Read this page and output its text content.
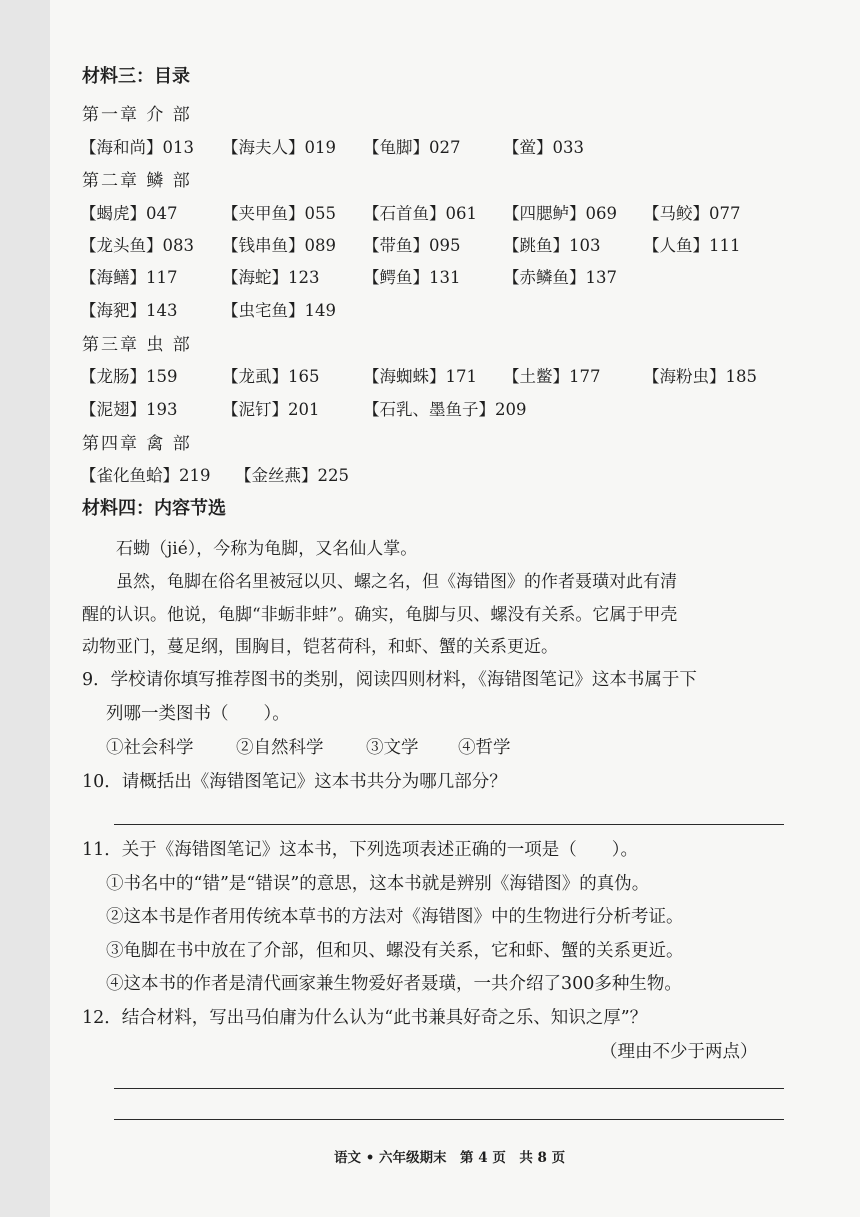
材料三：目录
第一章 介 部
【海和尚】013 【海夫人】019 【龟脚】027	【鲎】033
第二章 鳞 部
【蝎虎】047	【夹甲鱼】055 【石首鱼】061 【四腮鲈】069 【马鲛】077
【龙头鱼】083 【钱串鱼】089 【带鱼】095	【跳鱼】103	【人鱼】111
【海鳝】117	【海蛇】123	【鳄鱼】131	【赤鳞鱼】137
【海豝】143	【虫宅鱼】149
第三章 虫 部
【龙肠】159	【龙虱】165	【海蜘蛛】171 【土鳖】177	【海粉虫】185
【泥翅】193	【泥钉】201	【石乳、墨鱼子】209
第四章 禽 部
【雀化鱼蛤】219 【金丝燕】225
材料四：内容节选
石蜐（jié），今称为龟脚，又名仙人掌。
虽然，龟脚在俗名里被冠以贝、螺之名，但《海错图》的作者聂璜对此有清
醒的认识。他说，龟脚“非蛎非蚌”。确实，龟脚与贝、螺没有关系。它属于甲壳
动物亚门，蔓足纲，围胸目，铠茗荷科，和虾、蟹的关系更近。
9．学校请你填写推荐图书的类别，阅读四则材料，《海错图笔记》这本书属于下
列哪一类图书（　　）。
①社会科学 ②自然科学 ③文学 ④哲学
10．请概括出《海错图笔记》这本书共分为哪几部分？
11．关于《海错图笔记》这本书，下列选项表述正确的一项是（　　）。
①书名中的“错”是“错误”的意思，这本书就是辨别《海错图》的真伪。
②这本书是作者用传统本草书的方法对《海错图》中的生物进行分析考证。
③龟脚在书中放在了介部，但和贝、螺没有关系，它和虾、蟹的关系更近。
④这本书的作者是清代画家兼生物爱好者聂璜，一共介绍了300多种生物。
12．结合材料，写出马伯庸为什么认为“此书兼具好奇之乐、知识之厚”？
（理由不少于两点）
语文 • 六年级期末　第 4 页　共 8 页
